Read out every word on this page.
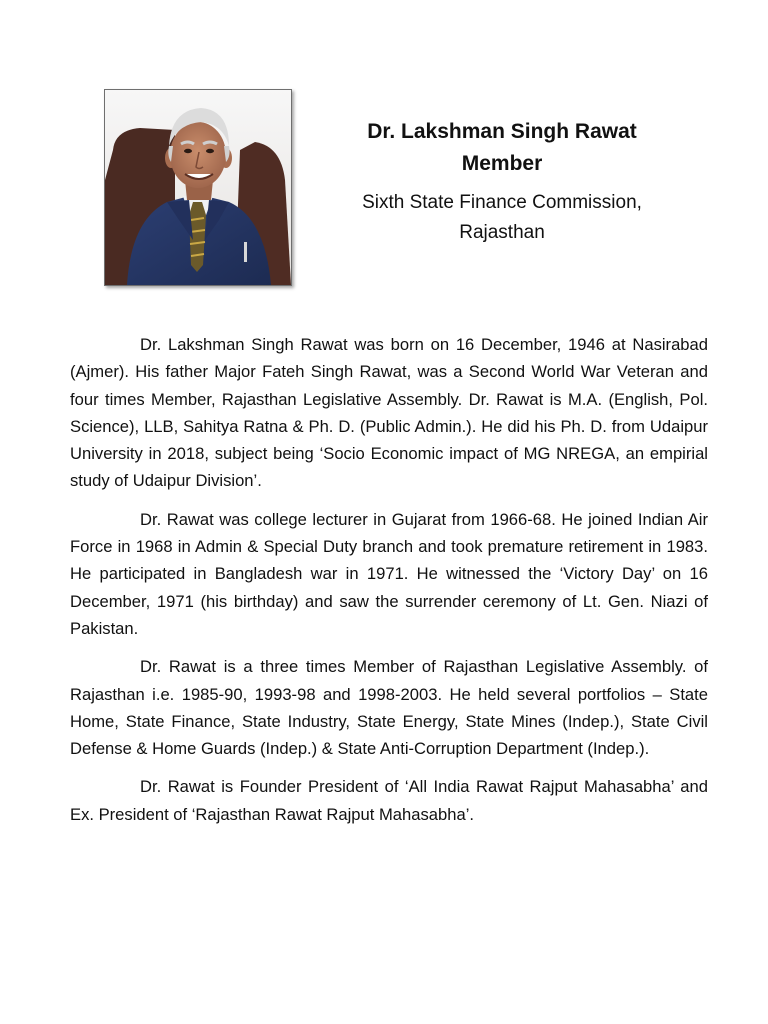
Dr. Lakshman Singh Rawat
Member
Sixth State Finance Commission,
Rajasthan

Dr. Lakshman Singh Rawat was born on 16 December, 1946 at Nasirabad (Ajmer). His father Major Fateh Singh Rawat, was a Second World War Veteran and four times Member, Rajasthan Legislative Assembly. Dr. Rawat is M.A. (English, Pol. Science), LLB, Sahitya Ratna & Ph. D. (Public Admin.). He did his Ph. D. from Udaipur University in 2018, subject being ‘Socio Economic impact of MG NREGA, an empirial study of Udaipur Division’.

Dr. Rawat was college lecturer in Gujarat from 1966-68. He joined Indian Air Force in 1968 in Admin & Special Duty branch and took premature retirement in 1983. He participated in Bangladesh war in 1971. He witnessed the ‘Victory Day’ on 16 December, 1971 (his birthday) and saw the surrender ceremony of Lt. Gen. Niazi of Pakistan.

Dr. Rawat is a three times Member of Rajasthan Legislative Assembly. of Rajasthan i.e. 1985-90, 1993-98 and 1998-2003. He held several portfolios – State Home, State Finance, State Industry, State Energy, State Mines (Indep.), State Civil Defense & Home Guards (Indep.) & State Anti-Corruption Department (Indep.).

Dr. Rawat is Founder President of ‘All India Rawat Rajput Mahasabha’ and Ex. President of ‘Rajasthan Rawat Rajput Mahasabha’.
